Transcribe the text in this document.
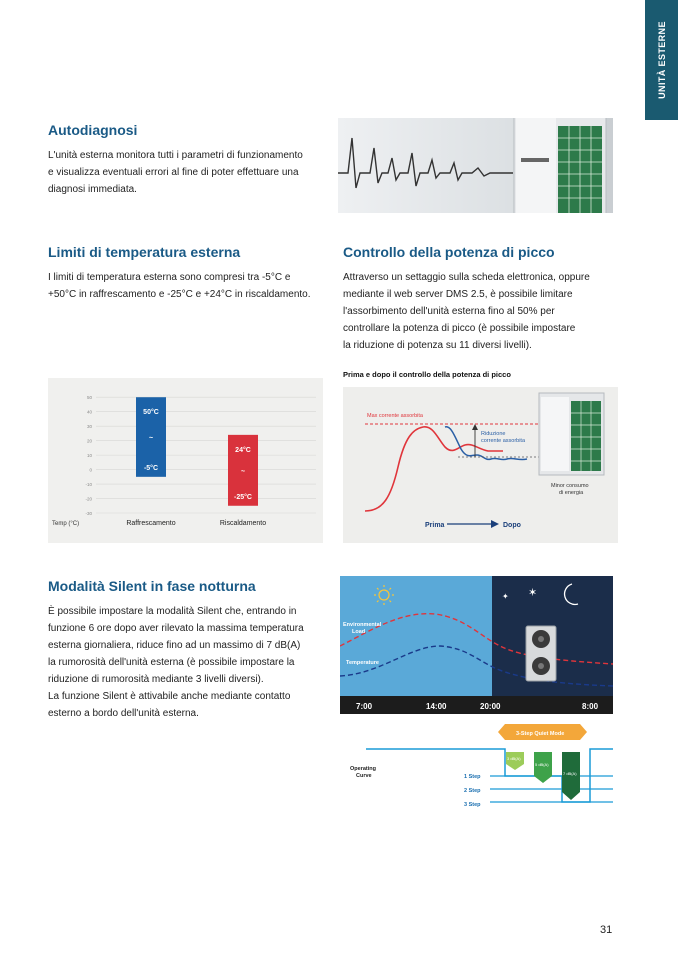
UNITÀ ESTERNE
Autodiagnosi
L'unità esterna monitora tutti i parametri di funzionamento
e visualizza eventuali errori al fine di poter effettuare una
diagnosi immediata.
Limiti di temperatura esterna
I limiti di temperatura esterna sono compresi tra -5°C e
+50°C in raffrescamento e -25°C e +24°C in riscaldamento.
Controllo della potenza di picco
Attraverso un settaggio sulla scheda elettronica, oppure
mediante il web server DMS 2.5, è possibile limitare
l'assorbimento dell'unità esterna fino al 50% per
controllare la potenza di picco (è possibile impostare
la riduzione di potenza su 11 diversi livelli).
50
40
30
20
10
0
-10
-20
-30
Temp (°C)
50°C
~
-5°C
Raffrescamento
24°C
~
-25°C
Riscaldamento
Prima e dopo il controllo della potenza di picco
Max corrente assorbita
Riduzione
corrente assorbita
Minor consumo
di energia
Prima	Dopo
Modalità Silent in fase notturna
È possibile impostare la modalità Silent che, entrando in
funzione 6 ore dopo aver rilevato la massima temperatura
esterna giornaliera, riduce fino ad un massimo di 7 dB(A)
la rumorosità dell'unità esterna (è possibile impostare la
riduzione di rumorosità mediante 3 livelli diversi).
La funzione Silent è attivabile anche mediante contatto
esterno a bordo dell'unità esterna.
✦ ✶
Environmental
Load
Temperature
7:00	14:00	20:00	8:00
3-Step Quiet Mode
Operating
Curve	1 Step
2 Step
3 Step
3 dB(A)
5 dB(A)
7 dB(A)
31
